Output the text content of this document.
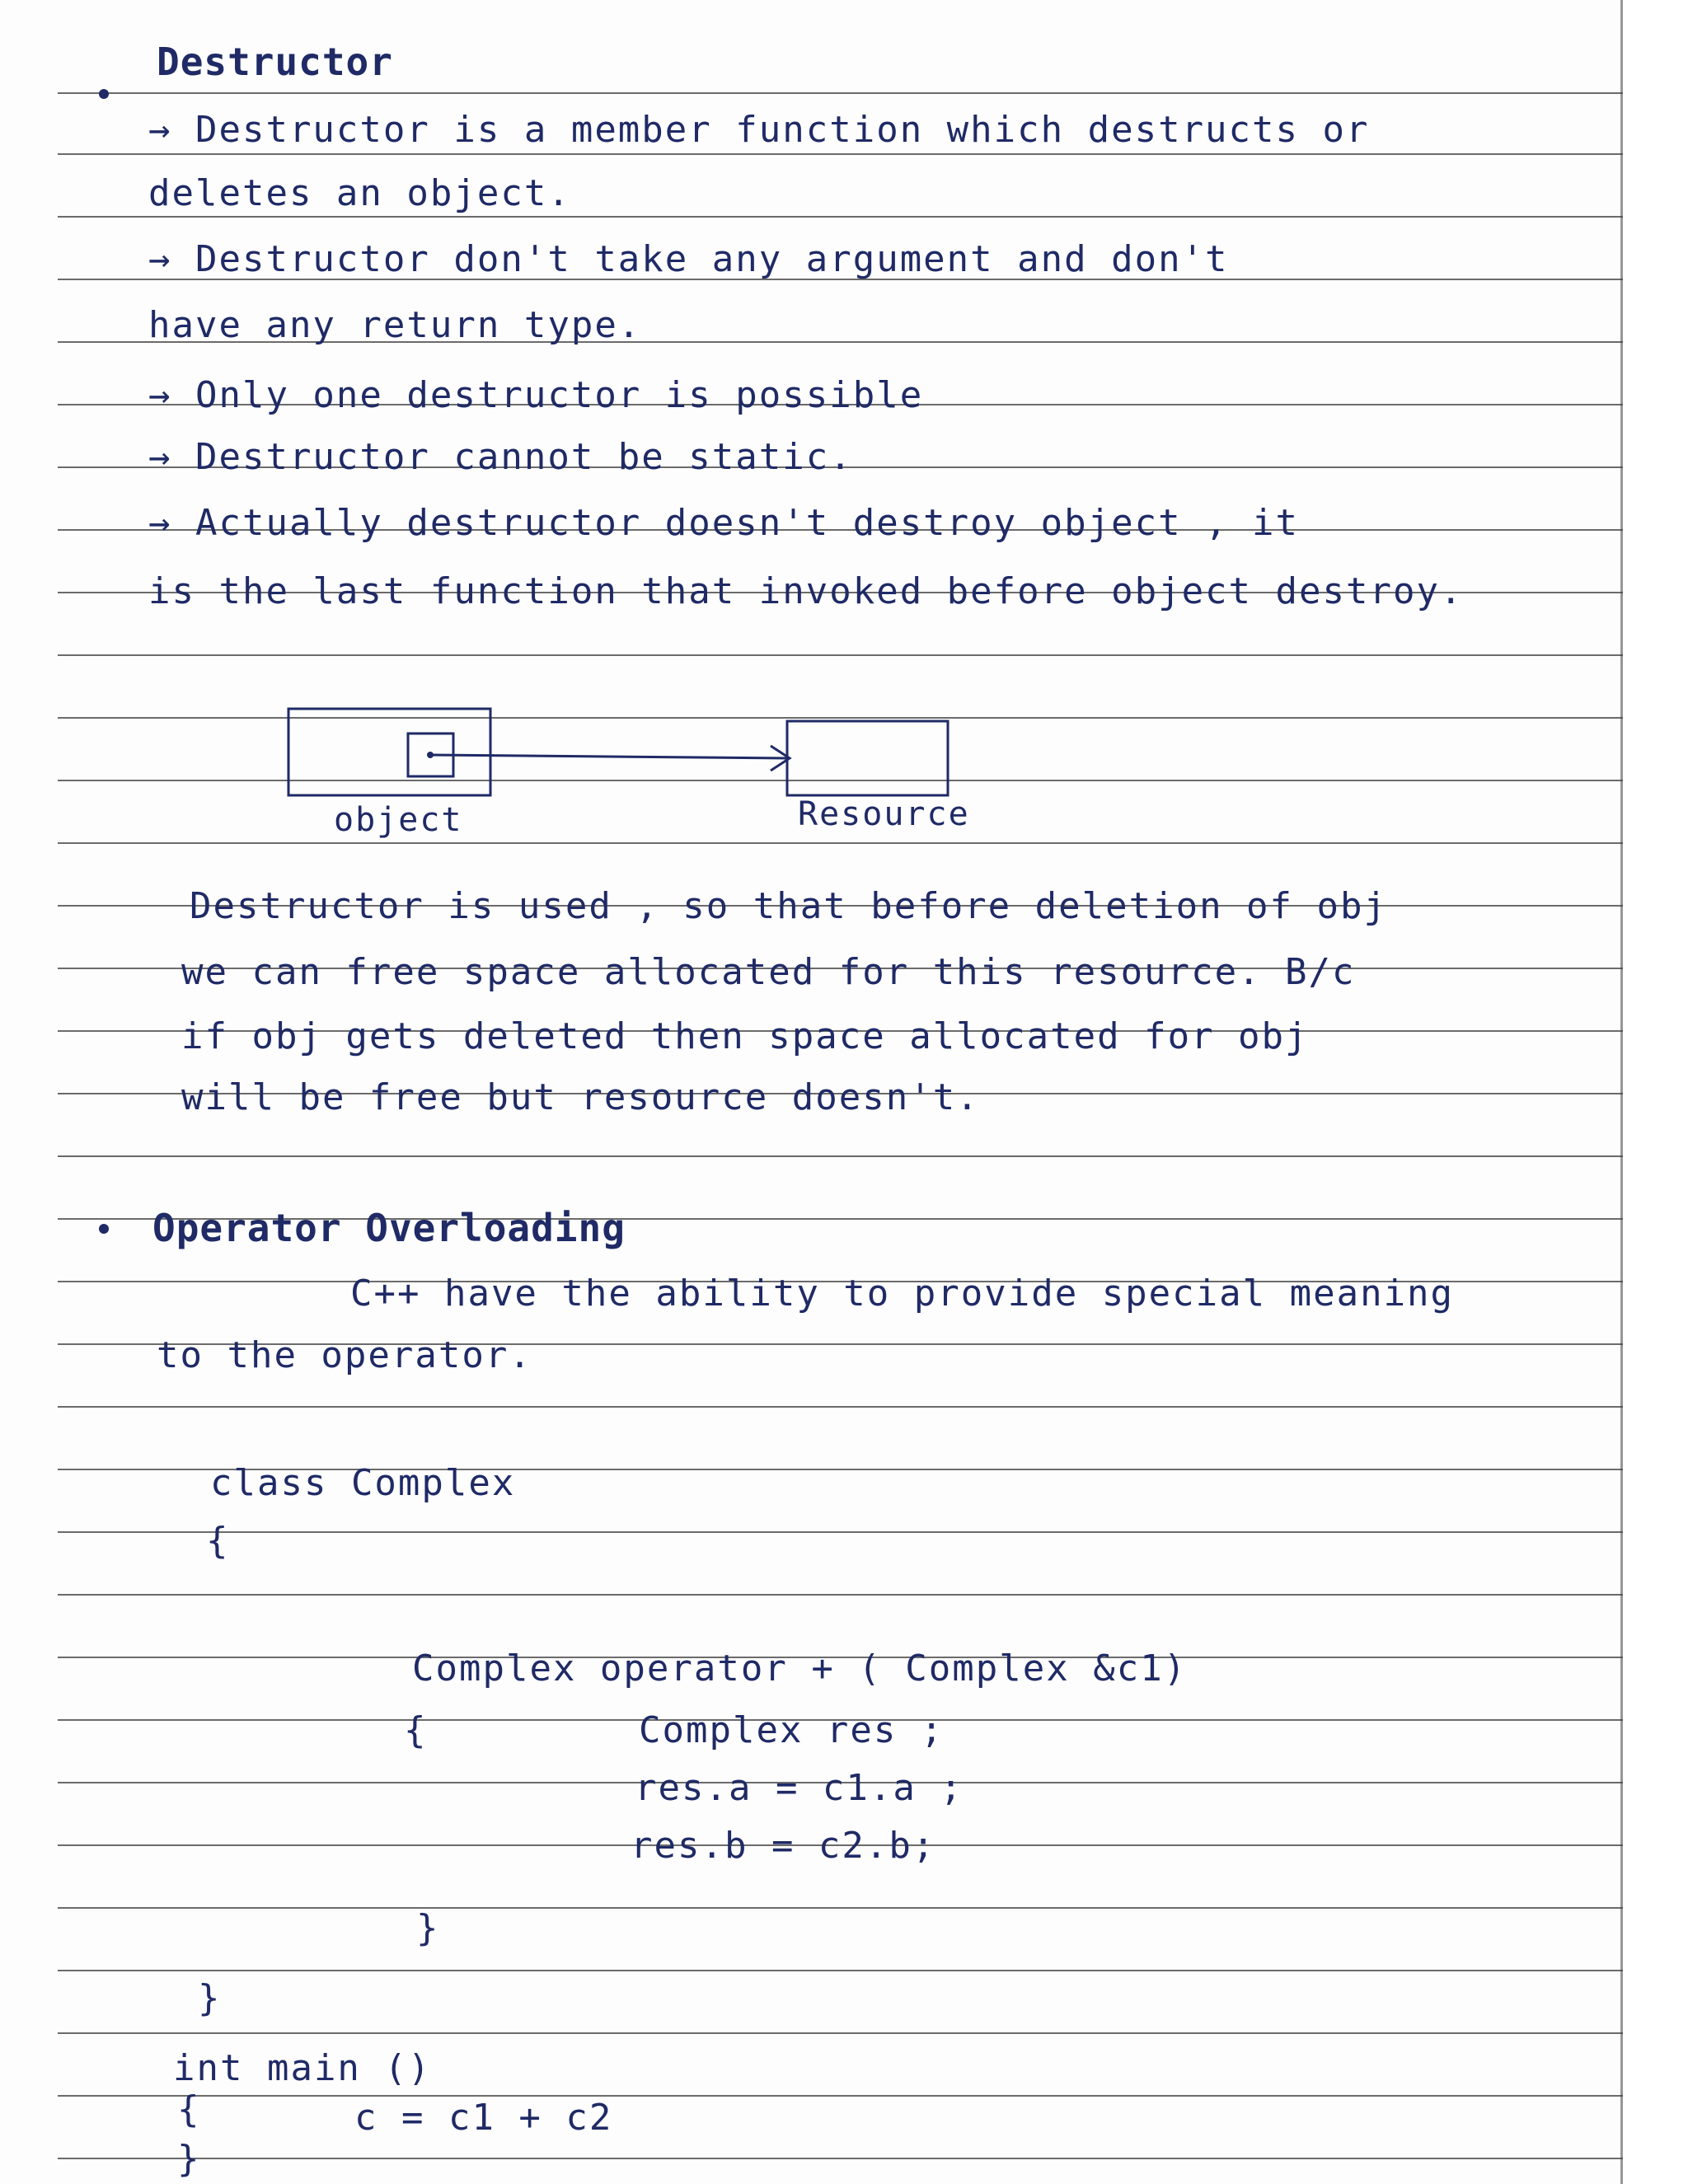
Destructor
→ Destructor is a member function which destructs or
deletes an object.
→ Destructor don't take any argument and don't
have any return type.
→ Only one destructor is possible
→ Destructor cannot be static.
→ Actually destructor doesn't destroy object , it
is the last function that invoked before object destroy.
object	Resource
Destructor is used , so that before deletion of obj
we can free space allocated for this resource. B/c
if obj gets deleted then space allocated for obj
will be free but resource doesn't.
Operator Overloading
C++ have the ability to provide special meaning
to the operator.
class Complex
{
Complex operator + ( Complex &c1)
{	Complex res ;
res.a = c1.a ;
res.b = c2.b;
}
}
int main ()
{	c = c1 + c2
}
